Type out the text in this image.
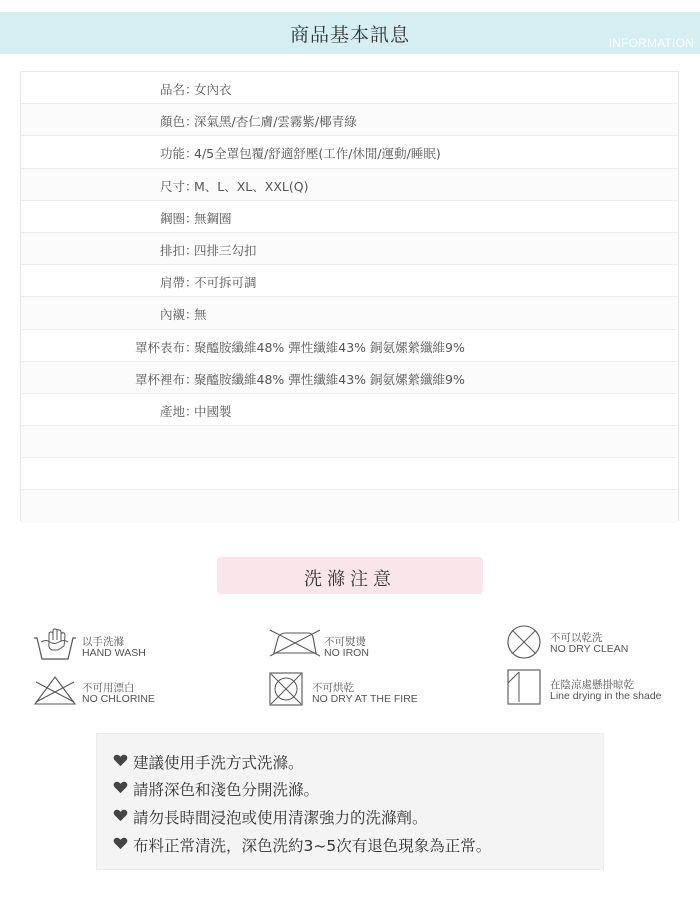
商品基本訊息	INFORMATION
品名 ：
女內衣
顏色 ：
深氣黑/杏仁膚/雲霧紫/椰青綠
功能 ：
4/5全罩包覆/舒適舒壓(工作/休閒/運動/睡眠)
尺寸 ：
M、L、XL、XXL(Q)
鋼圈 ：
無鋼圈
排扣 ：
四排三勾扣
肩帶 ：
不可拆可調
內襯 ：
無
罩杯表布 ：
聚醯胺纖維48% 彈性纖維43% 銅氨嫘縈纖維9%
罩杯裡布 ：
聚醯胺纖維48% 彈性纖維43% 銅氨嫘縈纖維9%
產地 ：
中國製
洗滌注意
以手洗滌
HAND WASH
不可熨燙
NO IRON
不可以乾洗
NO DRY CLEAN
不可用漂白
NO CHLORINE
不可烘乾
NO DRY AT THE FIRE
在陰涼處懸掛晾乾
Line drying in the shade
建議使用手洗方式洗滌。
請將深色和淺色分開洗滌。
請勿長時間浸泡或使用清潔強力的洗滌劑。
布料正常清洗，深色洗約3~5次有退色現象為正常。
